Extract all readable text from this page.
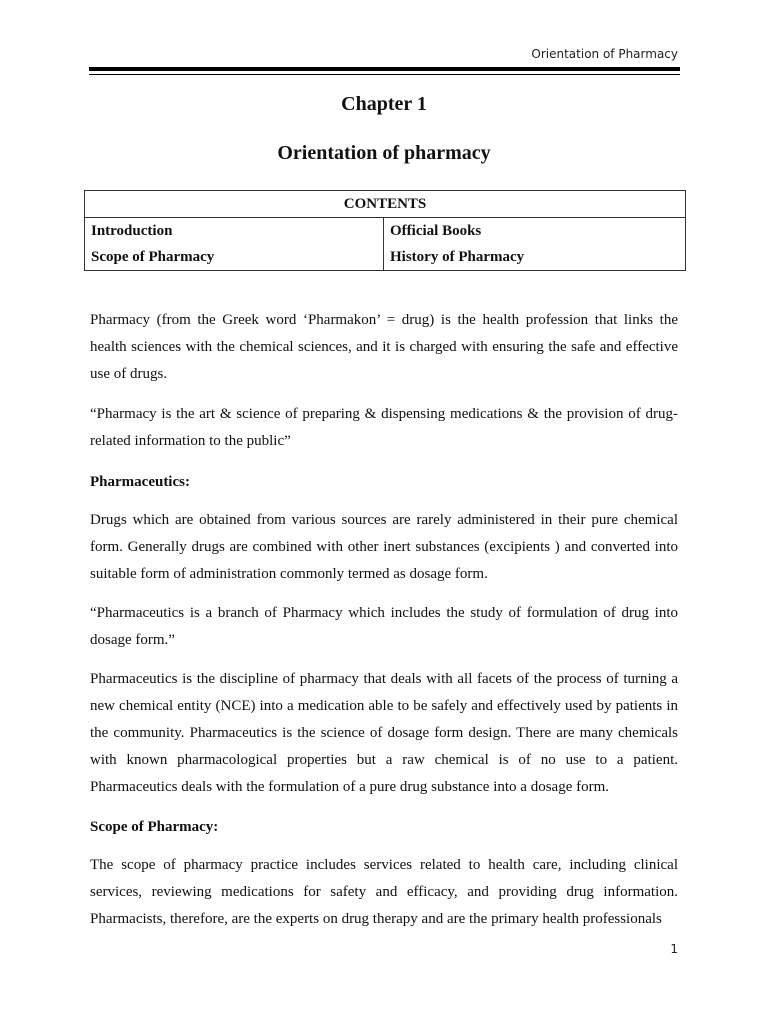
Orientation of Pharmacy
Chapter 1
Orientation of pharmacy
CONTENTS	
Introduction	Official Books
Scope of Pharmacy	History of Pharmacy
Pharmacy (from the Greek word ‘Pharmakon’ = drug) is the health profession that links the health sciences with the chemical sciences, and it is charged with ensuring the safe and effective use of drugs.
“Pharmacy is the art & science of preparing & dispensing medications & the provision of drug-related information to the public”
Pharmaceutics:
Drugs which are obtained from various sources are rarely administered in their pure chemical form. Generally drugs are combined with other inert substances (excipients ) and converted into suitable form of administration commonly termed as dosage form.
“Pharmaceutics is a branch of Pharmacy which includes the study of formulation of drug into dosage form.”
Pharmaceutics is the discipline of pharmacy that deals with all facets of the process of turning a new chemical entity (NCE) into a medication able to be safely and effectively used by patients in the community. Pharmaceutics is the science of dosage form design. There are many chemicals with known pharmacological properties but a raw chemical is of no use to a patient. Pharmaceutics deals with the formulation of a pure drug substance into a dosage form.
Scope of Pharmacy:
The scope of pharmacy practice includes services related to health care, including clinical services, reviewing medications for safety and efficacy, and providing drug information. Pharmacists, therefore, are the experts on drug therapy and are the primary health professionals
1
